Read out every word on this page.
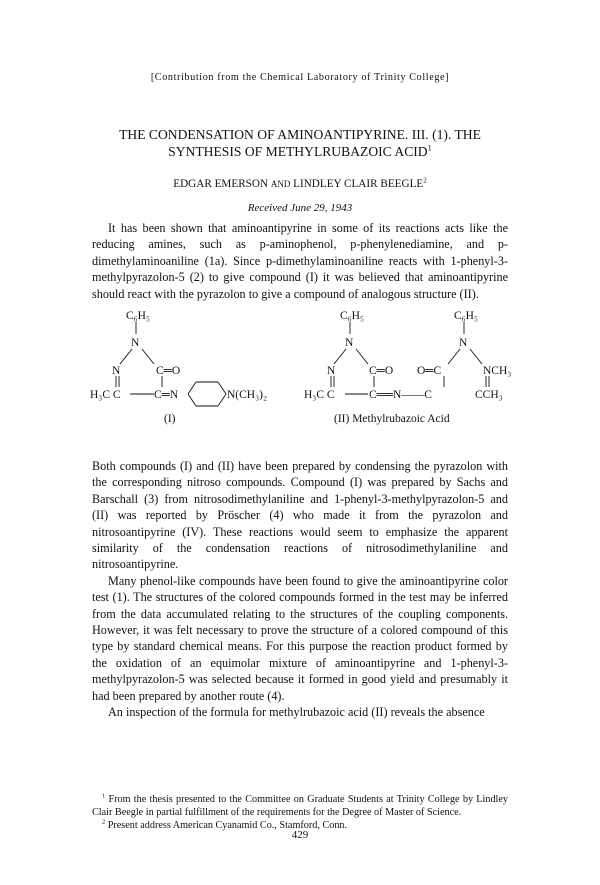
[Contribution from the Chemical Laboratory of Trinity College]
THE CONDENSATION OF AMINOANTIPYRINE. III. (1). THE
SYNTHESIS OF METHYLRUBAZOIC ACID$^1$
EDGAR EMERSON AND LINDLEY CLAIR BEEGLE$^2$
Received June 29, 1943

It has been shown that aminoantipyrine in some of its reactions acts like the reducing amines, such as p-aminophenol, p-phenylenediamine, and p-dimethylaminoaniline (1a). Since p-dimethylaminoaniline reacts with 1-phenyl-3-methylpyrazolon-5 (2) to give compound (I) it was believed that aminoantipyrine should react with the pyrazolon to give a compound of analogous structure (II).

C₆H₅
N
N	C═O
H₃C C	C═N	N(CH₃)₂
(I)
C₆H₅
N
N	C═O
H₃C C
C₆H₅
N
O═C	NCH₃
C══N——C	CCH₃
(II) Methylrubazoic Acid

Both compounds (I) and (II) have been prepared by condensing the pyrazolon with the corresponding nitroso compounds. Compound (I) was prepared by Sachs and Barschall (3) from nitrosodimethylaniline and 1-phenyl-3-methylpyrazolon-5 and (II) was reported by Pröscher (4) who made it from the pyrazolon and nitrosoantipyrine (IV). These reactions would seem to emphasize the apparent similarity of the condensation reactions of nitrosodimethylaniline and nitrosoantipyrine.

Many phenol-like compounds have been found to give the aminoantipyrine color test (1). The structures of the colored compounds formed in the test may be inferred from the data accumulated relating to the structures of the coupling components. However, it was felt necessary to prove the structure of a colored compound of this type by standard chemical means. For this purpose the reaction product formed by the oxidation of an equimolar mixture of aminoantipyrine and 1-phenyl-3-methylpyrazolon-5 was selected because it formed in good yield and presumably it had been prepared by another route (4).

An inspection of the formula for methylrubazoic acid (II) reveals the absence

$^1$ From the thesis presented to the Committee on Graduate Students at Trinity College by Lindley Clair Beegle in partial fulfillment of the requirements for the Degree of Master of Science.

$^2$ Present address American Cyanamid Co., Stamford, Conn.

429
